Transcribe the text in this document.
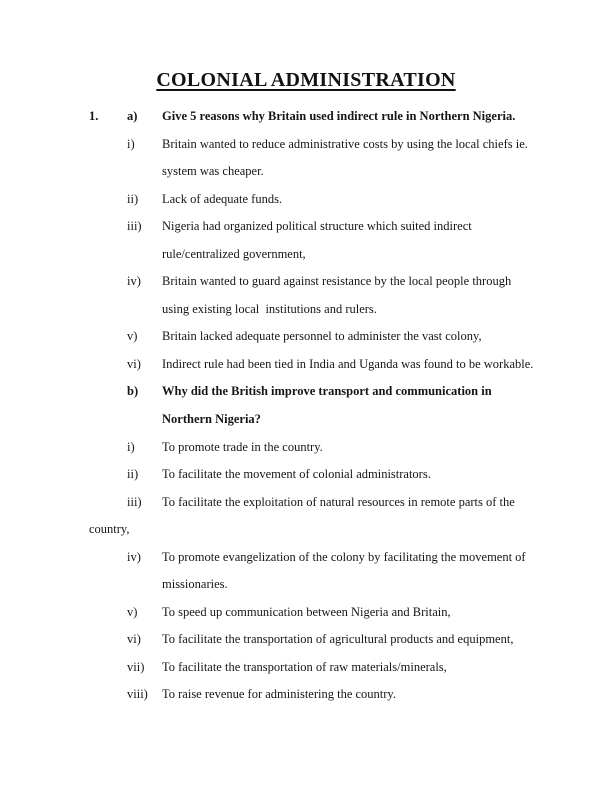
COLONIAL ADMINISTRATION
1. a) Give 5 reasons why Britain used indirect rule in Northern Nigeria.
i) Britain wanted to reduce administrative costs by using the local chiefs ie.
system was cheaper.
ii) Lack of adequate funds.
iii) Nigeria had organized political structure which suited indirect
rule/centralized government,
iv) Britain wanted to guard against resistance by the local people through
using existing local  institutions and rulers.
v) Britain lacked adequate personnel to administer the vast colony,
vi) Indirect rule had been tied in India and Uganda was found to be workable.
b) Why did the British improve transport and communication in
Northern Nigeria?
i) To promote trade in the country.
ii) To facilitate the movement of colonial administrators.
iii) To facilitate the exploitation of natural resources in remote parts of the
country,
iv) To promote evangelization of the colony by facilitating the movement of
missionaries.
v) To speed up communication between Nigeria and Britain,
vi) To facilitate the transportation of agricultural products and equipment,
vii) To facilitate the transportation of raw materials/minerals,
viii) To raise revenue for administering the country.
